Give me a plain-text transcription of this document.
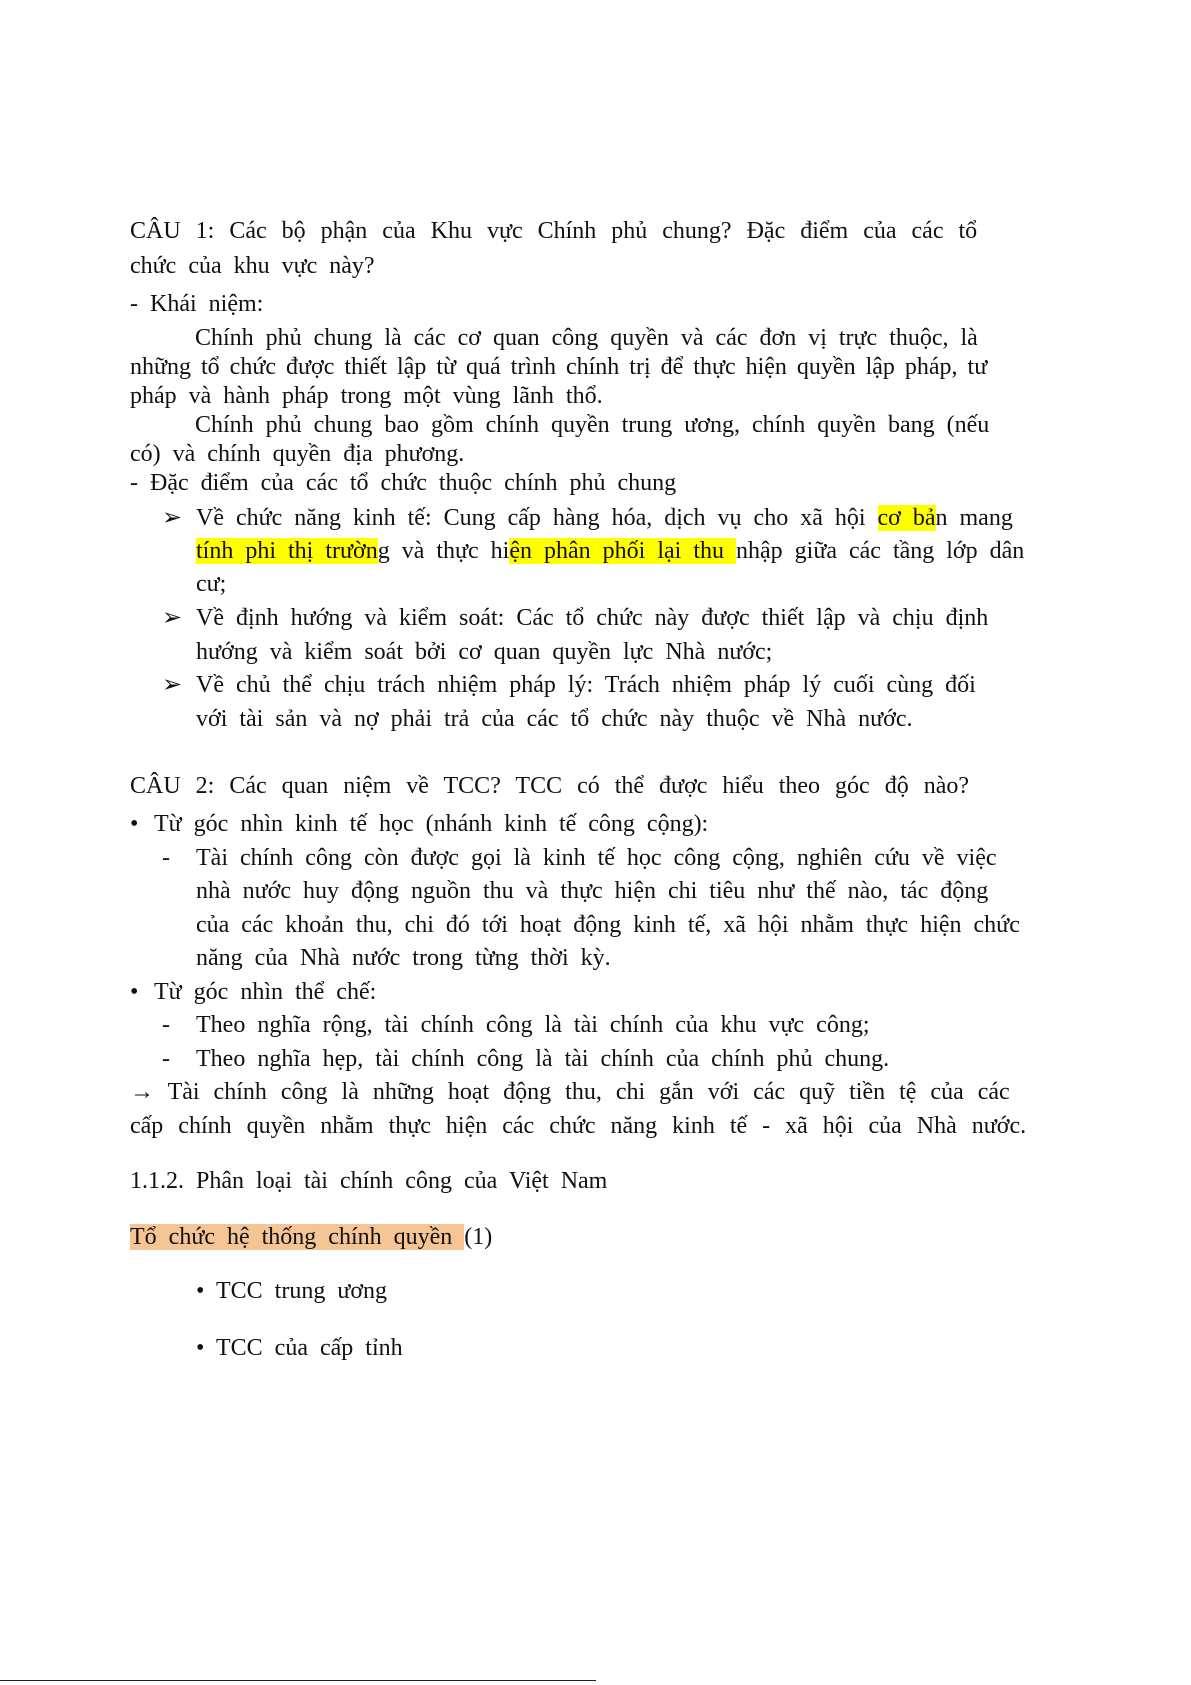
CÂU 1: Các bộ phận của Khu vực Chính phủ chung? Đặc điểm của các tổ
chức của khu vực này?
- Khái niệm:
Chính phủ chung là các cơ quan công quyền và các đơn vị trực thuộc, là
những tổ chức được thiết lập từ quá trình chính trị để thực hiện quyền lập pháp, tư
pháp và hành pháp trong một vùng lãnh thổ.
Chính phủ chung bao gồm chính quyền trung ương, chính quyền bang (nếu
có) và chính quyền địa phương.
- Đặc điểm của các tổ chức thuộc chính phủ chung
➢ Về chức năng kinh tế: Cung cấp hàng hóa, dịch vụ cho xã hội cơ bản mang
tính phi thị trường và thực hiện phân phối lại thu nhập giữa các tầng lớp dân
cư;
➢ Về định hướng và kiểm soát: Các tổ chức này được thiết lập và chịu định
hướng và kiểm soát bởi cơ quan quyền lực Nhà nước;
➢ Về chủ thể chịu trách nhiệm pháp lý: Trách nhiệm pháp lý cuối cùng đối
với tài sản và nợ phải trả của các tổ chức này thuộc về Nhà nước.
CÂU 2: Các quan niệm về TCC? TCC có thể được hiểu theo góc độ nào?
• Từ góc nhìn kinh tế học (nhánh kinh tế công cộng):
- Tài chính công còn được gọi là kinh tế học công cộng, nghiên cứu về việc
nhà nước huy động nguồn thu và thực hiện chi tiêu như thế nào, tác động
của các khoản thu, chi đó tới hoạt động kinh tế, xã hội nhằm thực hiện chức
năng của Nhà nước trong từng thời kỳ.
• Từ góc nhìn thể chế:
- Theo nghĩa rộng, tài chính công là tài chính của khu vực công;
- Theo nghĩa hẹp, tài chính công là tài chính của chính phủ chung.
→ Tài chính công là những hoạt động thu, chi gắn với các quỹ tiền tệ của các
cấp chính quyền nhằm thực hiện các chức năng kinh tế - xã hội của Nhà nước.
1.1.2. Phân loại tài chính công của Việt Nam
Tổ chức hệ thống chính quyền (1)
• TCC trung ương
• TCC của cấp tỉnh
